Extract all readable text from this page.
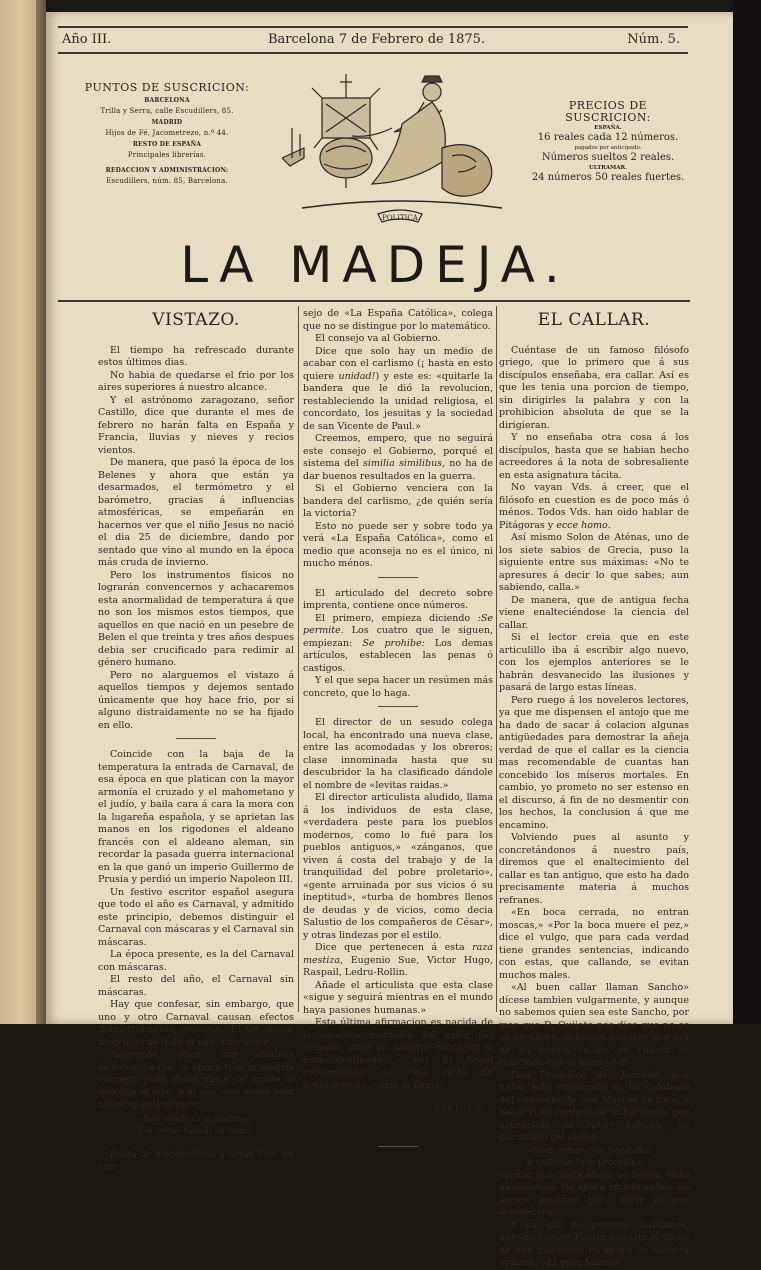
Año III.	Barcelona 7 de Febrero de 1875.	Núm. 5.
PUNTOS DE SUSCRICION:
BARCELONA
Trilla y Serra, calle Escudillers, 85.
MADRID
Hijos de Fé, Jacometrezo, n.º 44.
RESTO DE ESPAÑA
Principales librerías.
REDACCION Y ADMINISTRACION:
Escudillers, núm. 85, Barcelona.
POLITICA
PRECIOS DE SUSCRICION:
ESPAÑA.
16 reales cada 12 números.
pagados por anticipado.
Números sueltos 2 reales.
ULTRAMAR.
24 números 50 reales fuertes.
LA MADEJA.
VISTAZO.

El tiempo ha refrescado durante estos últimos dias.

No habia de quedarse el frio por los aires superiores á nuestro alcance.

Y el astrónomo zaragozano, señor Castillo, dice que durante el mes de febrero no harán falta en España y Francia, lluvias y nieves y recios vientos.

De manera, que pasó la época de los Belenes y ahora que están ya desarmados, el termómetro y el barómetro, gracias á influencias atmosféricas, se empeñarán en hacernos ver que el niño Jesus no nació el dia 25 de diciembre, dando por sentado que vino al mundo en la época más cruda de invierno.

Pero los instrumentos físicos no lograrán convencernos y achacaremos esta anormalidad de temperatura á que no son los mismos estos tiempos, que aquellos en que nació en un pesebre de Belen el que treinta y tres años despues debia ser crucificado para redimir al género humano.

Pero no alarguemos el vistazo á aquellos tiempos y dejemos sentado únicamente que hoy hace frio, por si alguno distraidamente no se ha fijado en ello.

Coincide con la baja de la temperatura la entrada de Carnaval, de esa época en que platican con la mayor armonía el cruzado y el mahometano y el judío, y baila cara á cara la mora con la lugareña española, y se aprietan las manos en los rigodones el aldeano francés con el aldeano aleman, sin recordar la pasada guerra internacional en la que ganó un imperio Guillermo de Prusia y perdió un imperio Napoleon III.

Un festivo escritor español asegura que todo el año es Carnaval, y admitido este principio, debemos distinguir el Carnaval con máscaras y el Carnaval sin máscaras.

La época presente, es la del Carnaval con máscaras.

El resto del año, el Carnaval sin máscaras.

Hay que confesar, sin embargo, que uno y otro Carnaval causan efectos diametralmente opuestos. El de ahora, alegra; el de todo el año, entristece.

Alegrense, pues, mis amables lectores, ya que la época trae la alegría consigo, pues ahora viene de molde lo que dijo el otro, ó el uno, que sobre esto no estoy muy seguro:

«Este mundo es un fandango,

Y el que no baila es un tonto.»

Basta de matemáticas y oigan Vds. un con-

sejo de «La España Católica», colega que no se distingue por lo matemático.

El consejo va al Gobierno.

Dice que solo hay un medio de acabar con el carlismo (¡ hasta en esto quiere unidad!) y este es: «quitarle la bandera que le dió la revolucion, restableciendo la unidad religiosa, el concordato, los jesuitas y la sociedad de san Vicente de Paul.»

Creemos, empero, que no seguirá este consejo el Gobierno, porqué el sistema del similia similibus, no ha de dar buenos resultados en la guerra.

Si el Gobierno venciera con la bandera del carlismo, ¿de quién sería la victoria?

Esto no puede ser y sobre todo ya verá «La España Católica», como el medio que aconseja no es el único, ni mucho ménos.

El articulado del decreto sobre imprenta, contiene once números.

El primero, empieza diciendo :Se permite. Los cuatro que le siguen, empiezan: Se prohibe: Los demas artículos, establecen las penas ó castigos.

Y el que sepa hacer un resúmen más concreto, que lo haga.

El director de un sesudo colega local, ha encontrado una nueva clase, entre las acomodadas y los obreros; clase innominada hasta que su descubridor la ha clasificado dándole el nombre de «levitas raidas.»

El director articulista aludido, llama á los individuos de esta clase, «verdadera peste para los pueblos modernos, como lo fué para los pueblos antiguos,» «zánganos, que viven á costa del trabajo y de la tranquilidad del pobre proletario», «gente arruinada por sus vicios ó su ineptitud», «turba de hombres llenos de deudas y de vicios, como decia Salustio de los compañeros de César», y otras lindezas por el estilo.

Dice que pertenecen á esta raza mestiza, Eugenio Sue, Victor Hugo, Raspail, Ledru-Rollin.

Añade el articulista que esta clase «sigue y seguirá mientras en el mundo haya pasiones humanas.»

Esta última afirmacion es nacida de la escesiva modestia del autor del artículo, pues en nuestro concepto él está destinado á ser El Angel esterminador de «esa casta de aventureros», como la llama.

BARTOLO.

EL CALLAR.

Cuéntase de un famoso filósofo griego, que lo primero que á sus discípulos enseñaba, era callar. Así es que les tenia una porcion de tiempo, sin dirigirles la palabra y con la prohibicion absoluta de que se la dirigieran.

Y no enseñaba otra cosa á los discípulos, hasta que se habian hecho acreedores á la nota de sobresaliente en esta asignatura tácita.

No vayan Vds. á creer, que el filósofo en cuestion es de poco más ó ménos. Todos Vds. han oido hablar de Pitágoras y ecce homo.

Así mismo Solon de Aténas, uno de los siete sabios de Grecia, puso la siguiente entre sus máximas: «No te apresures á decir lo que sabes; aun sabiendo, calla.»

De manera, que de antigua fecha viene enalteciéndose la ciencia del callar.

Si el lector creia que en este articulillo iba á escribir algo nuevo, con los ejemplos anteriores se le habrán desvanecido las ilusiones y pasará de largo estas líneas.

Pero ruego á los noveleros lectores, ya que me dispensen el antojo que me ha dado de sacar á colacion algunas antigüedades para demostrar la añeja verdad de que el callar es la ciencia mas recomendable de cuantas han concebido los míseros mortales. En cambio, yo prometo no ser estenso en el discurso, á fin de no desmentir con los hechos, la conclusion á que me encamino.

Volviendo pues al asunto y concretándonos á nuestro país, diremos que el enaltecimiento del callar es tan antiguo, que esto ha dado precisamente materia á muchos refranes.

«En boca cerrada, no entran moscas,» «Por la boca muere el pez,» dice el vulgo, que para cada verdad tiene grandes sentencias, indicando con estas, que callando, se evitan muchos males.

«Al buen callar llaman Sancho» dícese tambien vulgarmente, y aunque no sabemos quien sea este Sancho, por mas que D. Quijote nos dice que no es su escudero, debemos suponer que era de su misma calaña en cuanto se relaciona con el buen vivir.

Don Francisco de Quevedo, que habia sido encerrado en un calabozo del convento de San Márcos de Leon y habia visto confiscada su hacienda, por acusársele de haber hablado, es partidario del chiton

«pues vemos que por callar

á nadie se hizo proceso,»

verdad que hasta ahora no hemos visto desmentida. De ahora en adelante... no somos profetas para decir lo que acontecerá.

Y ya que de profetas hablamos, nuestro festivo Fígaro nos cita el dicho de uno que viene en apoyo de nuestra opinion. «El gran talento,
